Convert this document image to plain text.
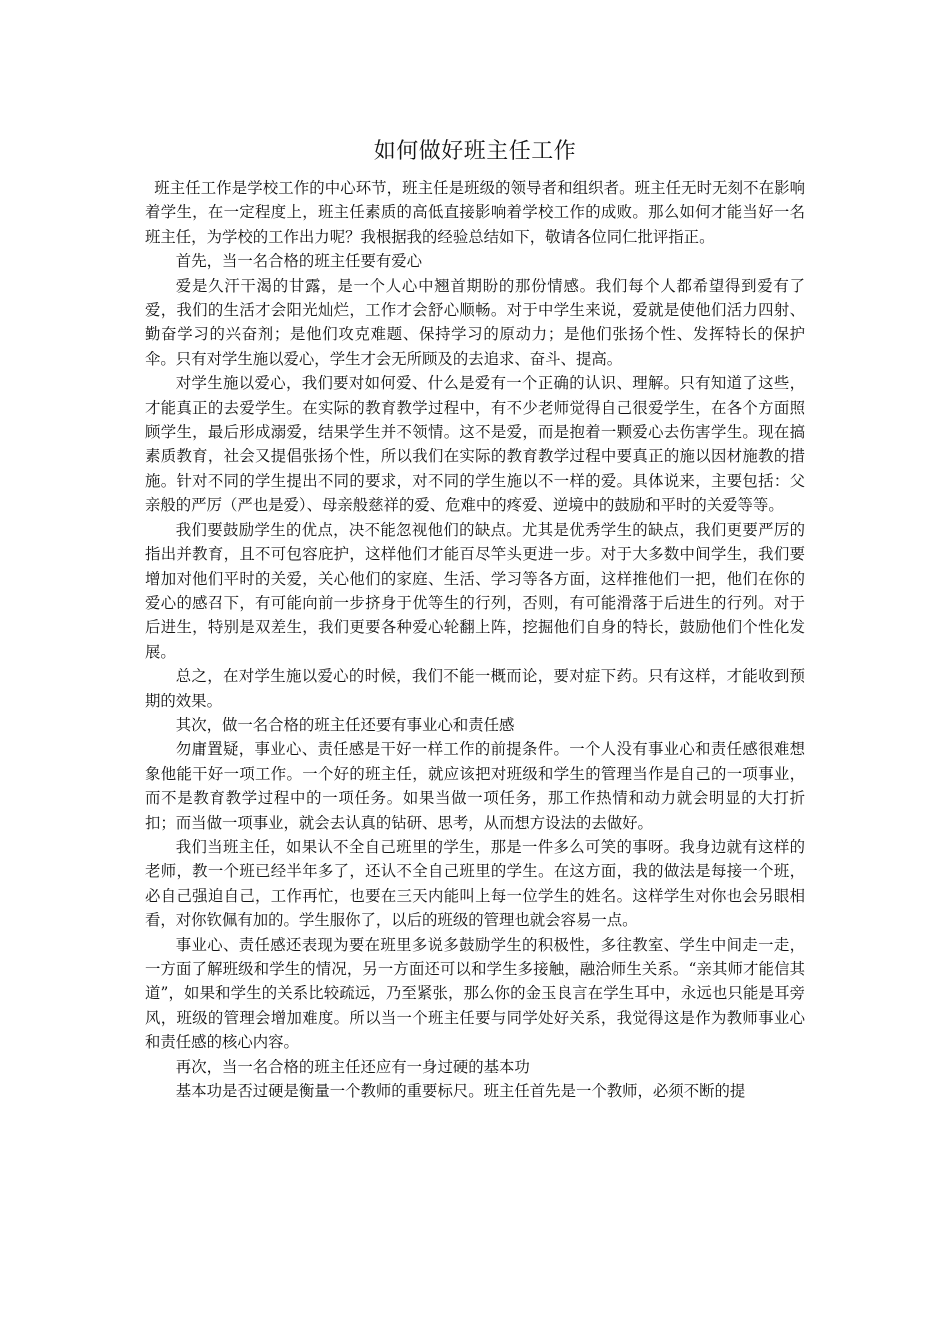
如何做好班主任工作

班主任工作是学校工作的中心环节，班主任是班级的领导者和组织者。班主任无时无刻不在影响着学生，在一定程度上，班主任素质的高低直接影响着学校工作的成败。那么如何才能当好一名班主任，为学校的工作出力呢？我根据我的经验总结如下，敬请各位同仁批评指正。

首先，当一名合格的班主任要有爱心

爱是久汗干渴的甘露，是一个人心中翘首期盼的那份情感。我们每个人都希望得到爱有了爱，我们的生活才会阳光灿烂，工作才会舒心顺畅。对于中学生来说，爱就是使他们活力四射、勤奋学习的兴奋剂；是他们攻克难题、保持学习的原动力；是他们张扬个性、发挥特长的保护伞。只有对学生施以爱心，学生才会无所顾及的去追求、奋斗、提高。

对学生施以爱心，我们要对如何爱、什么是爱有一个正确的认识、理解。只有知道了这些，才能真正的去爱学生。在实际的教育教学过程中，有不少老师觉得自己很爱学生，在各个方面照顾学生，最后形成溺爱，结果学生并不领情。这不是爱，而是抱着一颗爱心去伤害学生。现在搞素质教育，社会又提倡张扬个性，所以我们在实际的教育教学过程中要真正的施以因材施教的措施。针对不同的学生提出不同的要求，对不同的学生施以不一样的爱。具体说来，主要包括：父亲般的严厉（严也是爱）、母亲般慈祥的爱、危难中的疼爱、逆境中的鼓励和平时的关爱等等。

我们要鼓励学生的优点，决不能忽视他们的缺点。尤其是优秀学生的缺点，我们更要严厉的指出并教育，且不可包容庇护，这样他们才能百尽竿头更进一步。对于大多数中间学生，我们要增加对他们平时的关爱，关心他们的家庭、生活、学习等各方面，这样推他们一把，他们在你的爱心的感召下，有可能向前一步挤身于优等生的行列，否则，有可能滑落于后进生的行列。对于后进生，特别是双差生，我们更要各种爱心轮翻上阵，挖掘他们自身的特长，鼓励他们个性化发展。

总之，在对学生施以爱心的时候，我们不能一概而论，要对症下药。只有这样，才能收到预期的效果。

其次，做一名合格的班主任还要有事业心和责任感

勿庸置疑，事业心、责任感是干好一样工作的前提条件。一个人没有事业心和责任感很难想象他能干好一项工作。一个好的班主任，就应该把对班级和学生的管理当作是自己的一项事业，而不是教育教学过程中的一项任务。如果当做一项任务，那工作热情和动力就会明显的大打折扣；而当做一项事业，就会去认真的钻研、思考，从而想方设法的去做好。

我们当班主任，如果认不全自己班里的学生，那是一件多么可笑的事呀。我身边就有这样的老师，教一个班已经半年多了，还认不全自己班里的学生。在这方面，我的做法是每接一个班，必自己强迫自己，工作再忙，也要在三天内能叫上每一位学生的姓名。这样学生对你也会另眼相看，对你钦佩有加的。学生服你了，以后的班级的管理也就会容易一点。

事业心、责任感还表现为要在班里多说多鼓励学生的积极性，多往教室、学生中间走一走，一方面了解班级和学生的情况，另一方面还可以和学生多接触，融洽师生关系。“亲其师才能信其道”，如果和学生的关系比较疏远，乃至紧张，那么你的金玉良言在学生耳中，永远也只能是耳旁风，班级的管理会增加难度。所以当一个班主任要与同学处好关系，我觉得这是作为教师事业心和责任感的核心内容。

再次，当一名合格的班主任还应有一身过硬的基本功

基本功是否过硬是衡量一个教师的重要标尺。班主任首先是一个教师，必须不断的提
